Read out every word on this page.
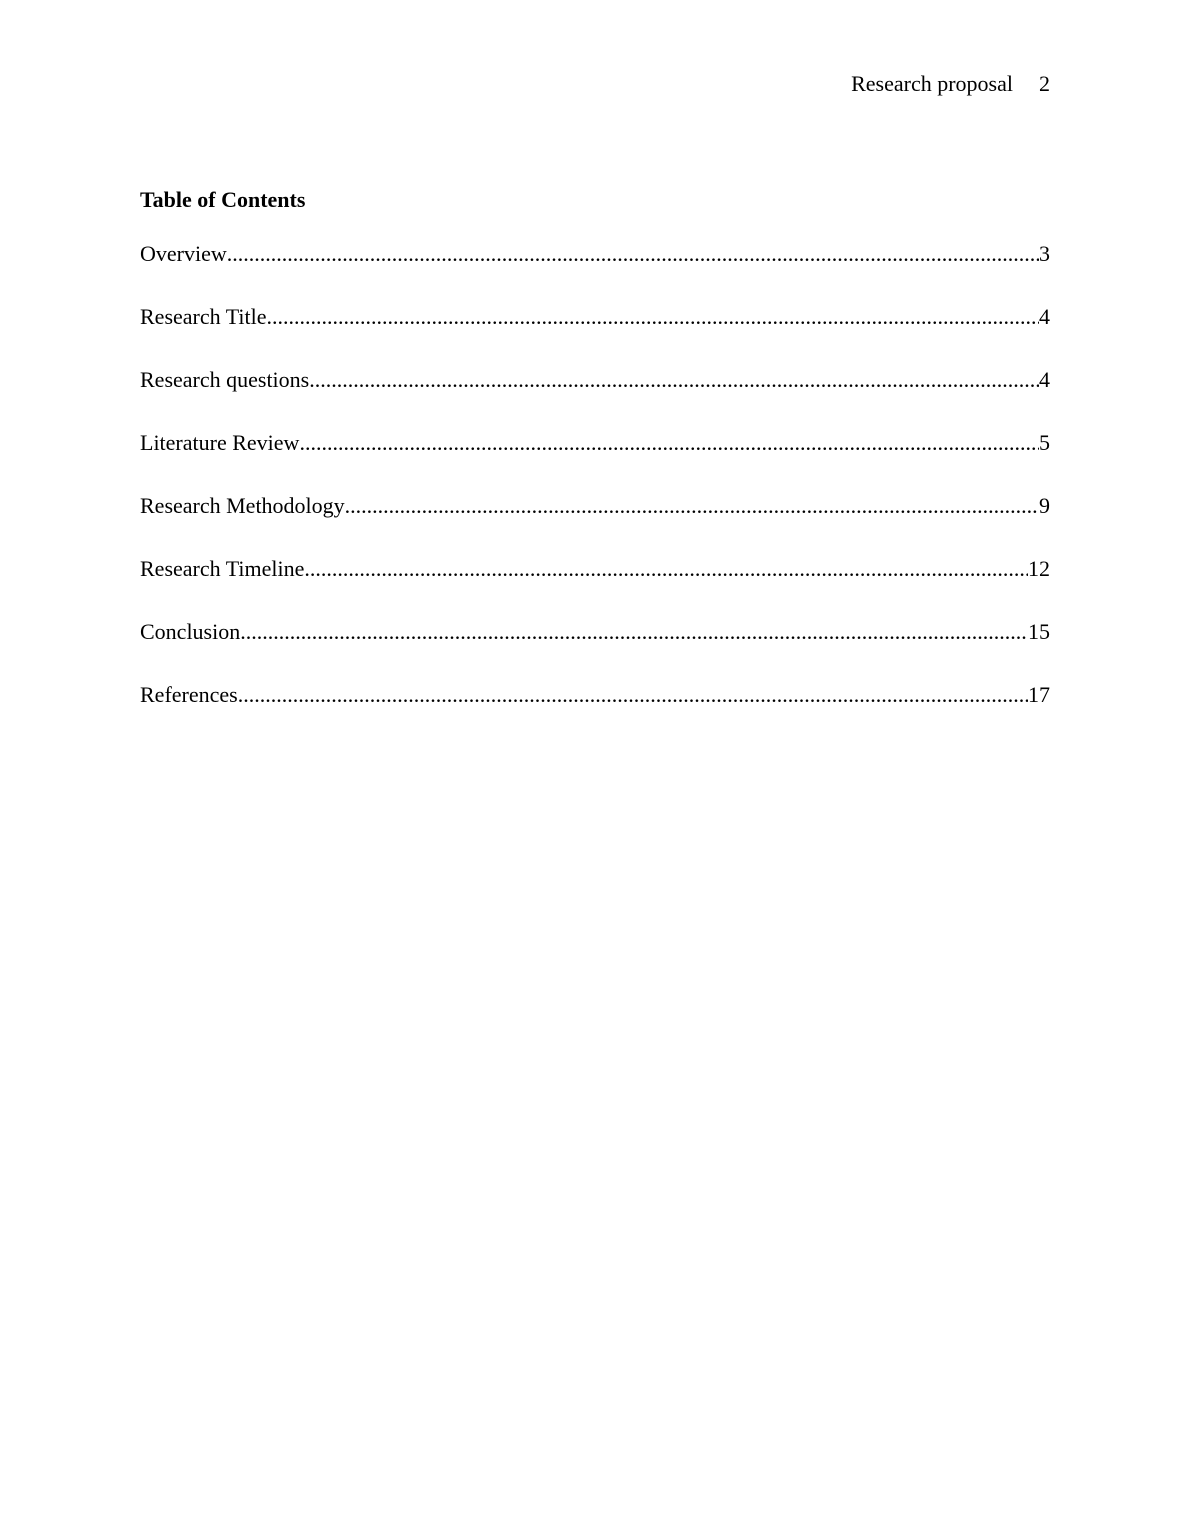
Research proposal 2
Table of Contents
Overview .....	3
Research Title .....	4
Research questions .....	4
Literature Review .....	5
Research Methodology .....	9
Research Timeline .....	12
Conclusion .....	15
References .....	17
